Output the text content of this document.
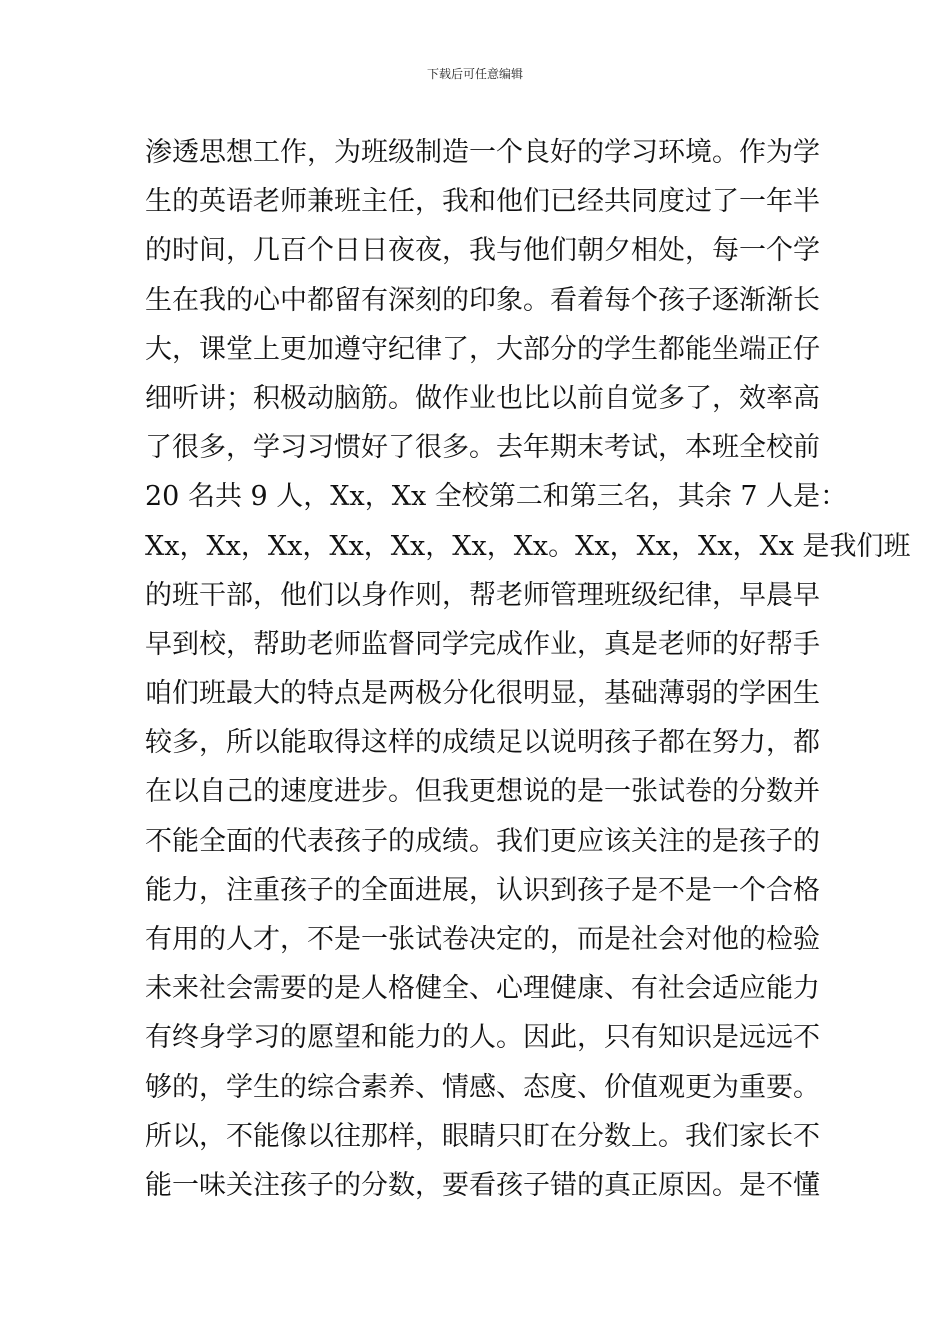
下载后可任意编辑
渗透思想工作，为班级制造一个良好的学习环境。作为学
生的英语老师兼班主任，我和他们已经共同度过了一年半
的时间，几百个日日夜夜，我与他们朝夕相处，每一个学
生在我的心中都留有深刻的印象。看着每个孩子逐渐渐长
大，课堂上更加遵守纪律了，大部分的学生都能坐端正仔
细听讲；积极动脑筋。做作业也比以前自觉多了，效率高
了很多，学习习惯好了很多。去年期末考试，本班全校前
20 名共 9 人，Xx，Xx 全校第二和第三名，其余 7 人是：
Xx，Xx，Xx，Xx，Xx，Xx，Xx。Xx，Xx，Xx，Xx 是我们班
的班干部，他们以身作则，帮老师管理班级纪律，早晨早
早到校，帮助老师监督同学完成作业，真是老师的好帮手
咱们班最大的特点是两极分化很明显，基础薄弱的学困生
较多，所以能取得这样的成绩足以说明孩子都在努力，都
在以自己的速度进步。但我更想说的是一张试卷的分数并
不能全面的代表孩子的成绩。我们更应该关注的是孩子的
能力，注重孩子的全面进展，认识到孩子是不是一个合格
有用的人才，不是一张试卷决定的，而是社会对他的检验
未来社会需要的是人格健全、心理健康、有社会适应能力
有终身学习的愿望和能力的人。因此，只有知识是远远不
够的，学生的综合素养、情感、态度、价值观更为重要。
所以，不能像以往那样，眼睛只盯在分数上。我们家长不
能一味关注孩子的分数，要看孩子错的真正原因。是不懂
